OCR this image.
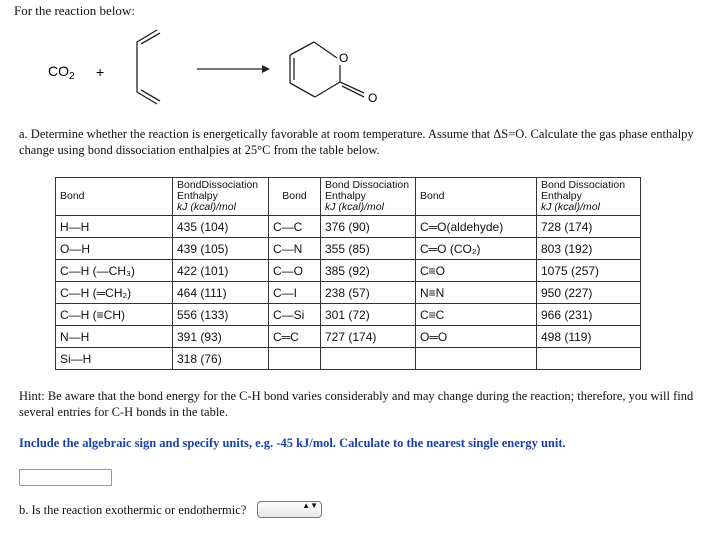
For the reaction below:
$CO_2$ +
O
O
a. Determine whether the reaction is energetically favorable at room temperature. Assume that ΔS=O. Calculate the gas phase enthalpy change using bond dissociation enthalpies at 25°C from the table below.
Bond	BondDissociation
Enthalpy
kJ (kcal)/mol	Bond	Bond Dissociation
Enthalpy
kJ (kcal)/mol	Bond	Bond Dissociation
Enthalpy
kJ (kcal)/mol
H—H	435 (104)	C—C	376 (90)	C═O(aldehyde)	728 (174)
O—H	439 (105)	C—N	355 (85)	C═O (CO₂)	803 (192)
C—H (—CH₃)	422 (101)	C—O	385 (92)	C≡O	1075 (257)
C—H (═CH₂)	464 (111)	C—I	238 (57)	N≡N	950 (227)
C—H (≡CH)	556 (133)	C—Si	301 (72)	C≡C	966 (231)
N—H	391 (93)	C═C	727 (174)	O═O	498 (119)
Si—H	318 (76)				
Hint: Be aware that the bond energy for the C-H bond varies considerably and may change during the reaction; therefore, you will find several entries for C-H bonds in the table.
Include the algebraic sign and specify units, e.g. -45 kJ/mol. Calculate to the nearest single energy unit.
b. Is the reaction exothermic or endothermic?	▲▼
